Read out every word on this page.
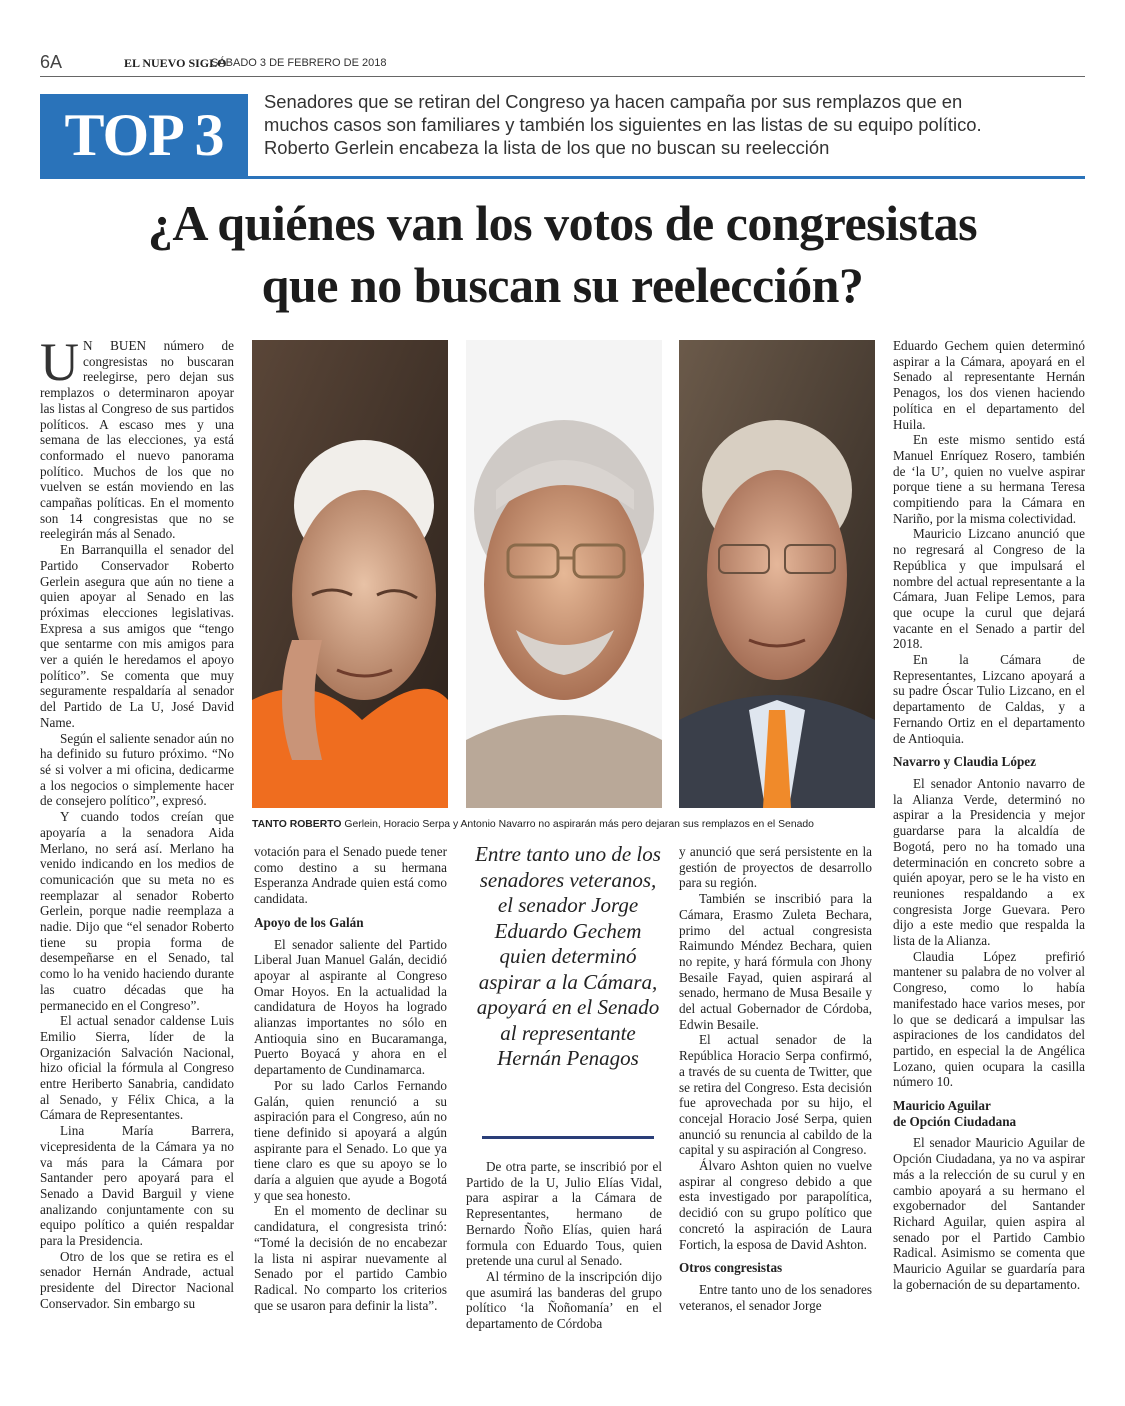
6A	EL NUEVO SIGLO
SÁBADO 3 DE FEBRERO DE 2018
TOP 3
Senadores que se retiran del Congreso ya hacen campaña por sus remplazos que en
muchos casos son familiares y también los siguientes en las listas de su equipo político.
Roberto Gerlein encabeza la lista de los que no buscan su reelección
¿A quiénes van los votos de congresistas
que no buscan su reelección?

U N BUEN número de congresistas no buscaran reelegirse, pero dejan sus remplazos o determinaron apoyar las listas al Congreso de sus partidos políticos. A escaso mes y una semana de las elecciones, ya está conformado el nuevo panorama político. Muchos de los que no vuelven se están moviendo en las campañas políticas. En el momento son 14 congresistas que no se reelegirán más al Senado.

En Barranquilla el senador del Partido Conservador Roberto Gerlein asegura que aún no tiene a quien apoyar al Senado en las próximas elecciones legislativas. Expresa a sus amigos que “tengo que sentarme con mis amigos para ver a quién le heredamos el apoyo político”. Se comenta que muy seguramente respaldaría al senador del Partido de La U, José David Name.

Según el saliente senador aún no ha definido su futuro próximo. “No sé si volver a mi oficina, dedicarme a los negocios o simplemente hacer de consejero político”, expresó.

Y cuando todos creían que apoyaría a la senadora Aida Merlano, no será así. Merlano ha venido indicando en los medios de comunicación que su meta no es reemplazar al senador Roberto Gerlein, porque nadie reemplaza a nadie. Dijo que “el senador Roberto tiene su propia forma de desempeñarse en el Senado, tal como lo ha venido haciendo durante las cuatro décadas que ha permanecido en el Congreso”.

El actual senador caldense Luis Emilio Sierra, líder de la Organización Salvación Nacional, hizo oficial la fórmula al Congreso entre Heriberto Sanabria, candidato al Senado, y Félix Chica, a la Cámara de Representantes.

Lina María Barrera, vicepresidenta de la Cámara ya no va más para la Cámara por Santander pero apoyará para el Senado a David Barguil y viene analizando conjuntamente con su equipo político a quién respaldar para la Presidencia.

Otro de los que se retira es el senador Hernán Andrade, actual presidente del Director Nacional Conservador. Sin embargo su

TANTO ROBERTO Gerlein, Horacio Serpa y Antonio Navarro no aspirarán más pero dejaran sus remplazos en el Senado

votación para el Senado puede tener como destino a su hermana Esperanza Andrade quien está como candidata.

Apoyo de los Galán

El senador saliente del Partido Liberal Juan Manuel Galán, decidió apoyar al aspirante al Congreso Omar Hoyos. En la actualidad la candidatura de Hoyos ha logrado alianzas importantes no sólo en Antioquia sino en Bucaramanga, Puerto Boyacá y ahora en el departamento de Cundinamarca.

Por su lado Carlos Fernando Galán, quien renunció a su aspiración para el Congreso, aún no tiene definido si apoyará a algún aspirante para el Senado. Lo que ya tiene claro es que su apoyo se lo daría a alguien que ayude a Bogotá y que sea honesto.

En el momento de declinar su candidatura, el congresista trinó: “Tomé la decisión de no encabezar la lista ni aspirar nuevamente al Senado por el partido Cambio Radical. No comparto los criterios que se usaron para definir la lista”.

Entre tanto uno de los senadores veteranos, el senador Jorge Eduardo Gechem quien determinó aspirar a la Cámara, apoyará en el Senado al representante Hernán Penagos

De otra parte, se inscribió por el Partido de la U, Julio Elías Vidal, para aspirar a la Cámara de Representantes, hermano de Bernardo Ñoño Elías, quien hará formula con Eduardo Tous, quien pretende una curul al Senado.

Al término de la inscripción dijo que asumirá las banderas del grupo político ‘la Ñoñomanía’ en el departamento de Córdoba

y anunció que será persistente en la gestión de proyectos de desarrollo para su región.

También se inscribió para la Cámara, Erasmo Zuleta Bechara, primo del actual congresista Raimundo Méndez Bechara, quien no repite, y hará fórmula con Jhony Besaile Fayad, quien aspirará al senado, hermano de Musa Besaile y del actual Gobernador de Córdoba, Edwin Besaile.

El actual senador de la República Horacio Serpa confirmó, a través de su cuenta de Twitter, que se retira del Congreso. Esta decisión fue aprovechada por su hijo, el concejal Horacio José Serpa, quien anunció su renuncia al cabildo de la capital y su aspiración al Congreso.

Álvaro Ashton quien no vuelve aspirar al congreso debido a que esta investigado por parapolítica, decidió con su grupo político que concretó la aspiración de Laura Fortich, la esposa de David Ashton.

Otros congresistas

Entre tanto uno de los senadores veteranos, el senador Jorge

Eduardo Gechem quien determinó aspirar a la Cámara, apoyará en el Senado al representante Hernán Penagos, los dos vienen haciendo política en el departamento del Huila.

En este mismo sentido está Manuel Enríquez Rosero, también de ‘la U’, quien no vuelve aspirar porque tiene a su hermana Teresa compitiendo para la Cámara en Nariño, por la misma colectividad.

Mauricio Lizcano anunció que no regresará al Congreso de la República y que impulsará el nombre del actual representante a la Cámara, Juan Felipe Lemos, para que ocupe la curul que dejará vacante en el Senado a partir del 2018.

En la Cámara de Representantes, Lizcano apoyará a su padre Óscar Tulio Lizcano, en el departamento de Caldas, y a Fernando Ortiz en el departamento de Antioquia.

Navarro y Claudia López

El senador Antonio navarro de la Alianza Verde, determinó no aspirar a la Presidencia y mejor guardarse para la alcaldía de Bogotá, pero no ha tomado una determinación en concreto sobre a quién apoyar, pero se le ha visto en reuniones respaldando a ex congresista Jorge Guevara. Pero dijo a este medio que respalda la lista de la Alianza.

Claudia López prefirió mantener su palabra de no volver al Congreso, como lo había manifestado hace varios meses, por lo que se dedicará a impulsar las aspiraciones de los candidatos del partido, en especial la de Angélica Lozano, quien ocupara la casilla número 10.

Mauricio Aguilar
de Opción Ciudadana

El senador Mauricio Aguilar de Opción Ciudadana, ya no va aspirar más a la relección de su curul y en cambio apoyará a su hermano el exgobernador del Santander Richard Aguilar, quien aspira al senado por el Partido Cambio Radical. Asimismo se comenta que Mauricio Aguilar se guardaría para la gobernación de su departamento.
